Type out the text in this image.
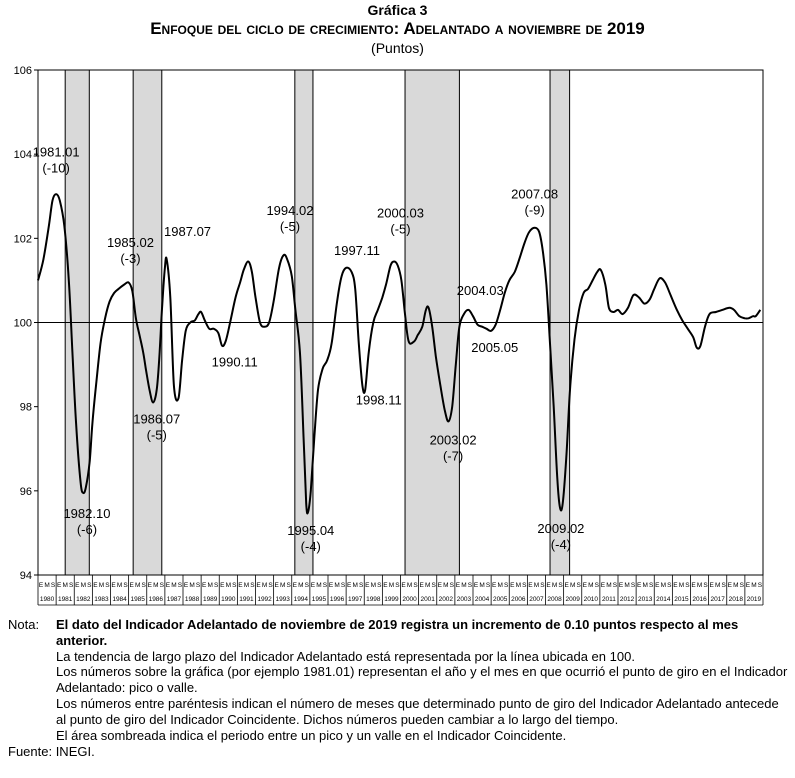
Gráfica 3
Enfoque del ciclo de crecimiento: Adelantado a noviembre de 2019
(Puntos)
94
96
98
100
102
104
106
E M S
1980
E M S
1981
E M S
1982
E M S
1983
E M S
1984
E M S
1985
E M S
1986
E M S
1987
E M S
1988
E M S
1989
E M S
1990
E M S
1991
E M S
1992
E M S
1993
E M S
1994
E M S
1995
E M S
1996
E M S
1997
E M S
1998
E M S
1999
E M S
2000
E M S
2001
E M S
2002
E M S
2003
E M S
2004
E M S
2005
E M S
2006
E M S
2007
E M S
2008
E M S
2009
E M S
2010
E M S
2011
E M S
2012
E M S
2013
E M S
2014
E M S
2015
E M S
2016
E M S
2017
E M S
2018
E M S
2019
1981.01 (-10)
1982.10 (-6)
1985.02 (-3)
1987.07
1986.07 (-5)
1990.11
1994.02 (-5)
1995.04 (-4)
1997.11
1998.11
2000.03 (-5)
2004.03
2005.05
2003.02 (-7)
2007.08 (-9)
2009.02 (-4)
Nota:	El dato del Indicador Adelantado de noviembre de 2019 registra un incremento de 0.10 puntos respecto al mes anterior.

La tendencia de largo plazo del Indicador Adelantado está representada por la línea ubicada en 100.

Los números sobre la gráfica (por ejemplo 1981.01) representan el año y el mes en que ocurrió el punto de giro en el Indicador Adelantado: pico o valle.

Los números entre paréntesis indican el número de meses que determinado punto de giro del Indicador Adelantado antecede al punto de giro del Indicador Coincidente. Dichos números pueden cambiar a lo largo del tiempo.

El área sombreada indica el periodo entre un pico y un valle en el Indicador Coincidente.

Fuente: INEGI.
